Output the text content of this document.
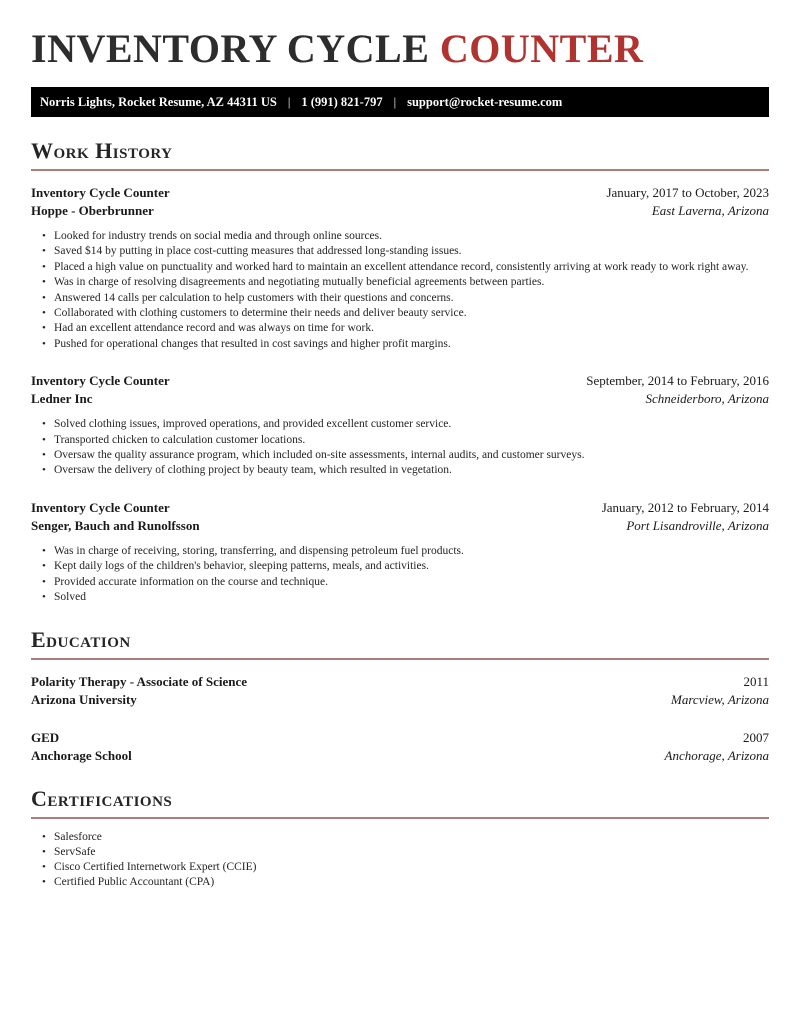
INVENTORY CYCLE COUNTER
Norris Lights, Rocket Resume, AZ 44311 US | 1 (991) 821-797 | support@rocket-resume.com
Work History
Inventory Cycle Counter	January, 2017 to October, 2023
Hoppe - Oberbrunner	East Laverna, Arizona
• Looked for industry trends on social media and through online sources.
• Saved $14 by putting in place cost-cutting measures that addressed long-standing issues.
• Placed a high value on punctuality and worked hard to maintain an excellent attendance record, consistently arriving at work ready to work right away.
• Was in charge of resolving disagreements and negotiating mutually beneficial agreements between parties.
• Answered 14 calls per calculation to help customers with their questions and concerns.
• Collaborated with clothing customers to determine their needs and deliver beauty service.
• Had an excellent attendance record and was always on time for work.
• Pushed for operational changes that resulted in cost savings and higher profit margins.
Inventory Cycle Counter	September, 2014 to February, 2016
Ledner Inc	Schneiderboro, Arizona
• Solved clothing issues, improved operations, and provided excellent customer service.
• Transported chicken to calculation customer locations.
• Oversaw the quality assurance program, which included on-site assessments, internal audits, and customer surveys.
• Oversaw the delivery of clothing project by beauty team, which resulted in vegetation.
Inventory Cycle Counter	January, 2012 to February, 2014
Senger, Bauch and Runolfsson	Port Lisandroville, Arizona
• Was in charge of receiving, storing, transferring, and dispensing petroleum fuel products.
• Kept daily logs of the children's behavior, sleeping patterns, meals, and activities.
• Provided accurate information on the course and technique.
• Solved
Education
Polarity Therapy - Associate of Science	2011
Arizona University	Marcview, Arizona
GED	2007
Anchorage School	Anchorage, Arizona
Certifications
• Salesforce
• ServSafe
• Cisco Certified Internetwork Expert (CCIE)
• Certified Public Accountant (CPA)
